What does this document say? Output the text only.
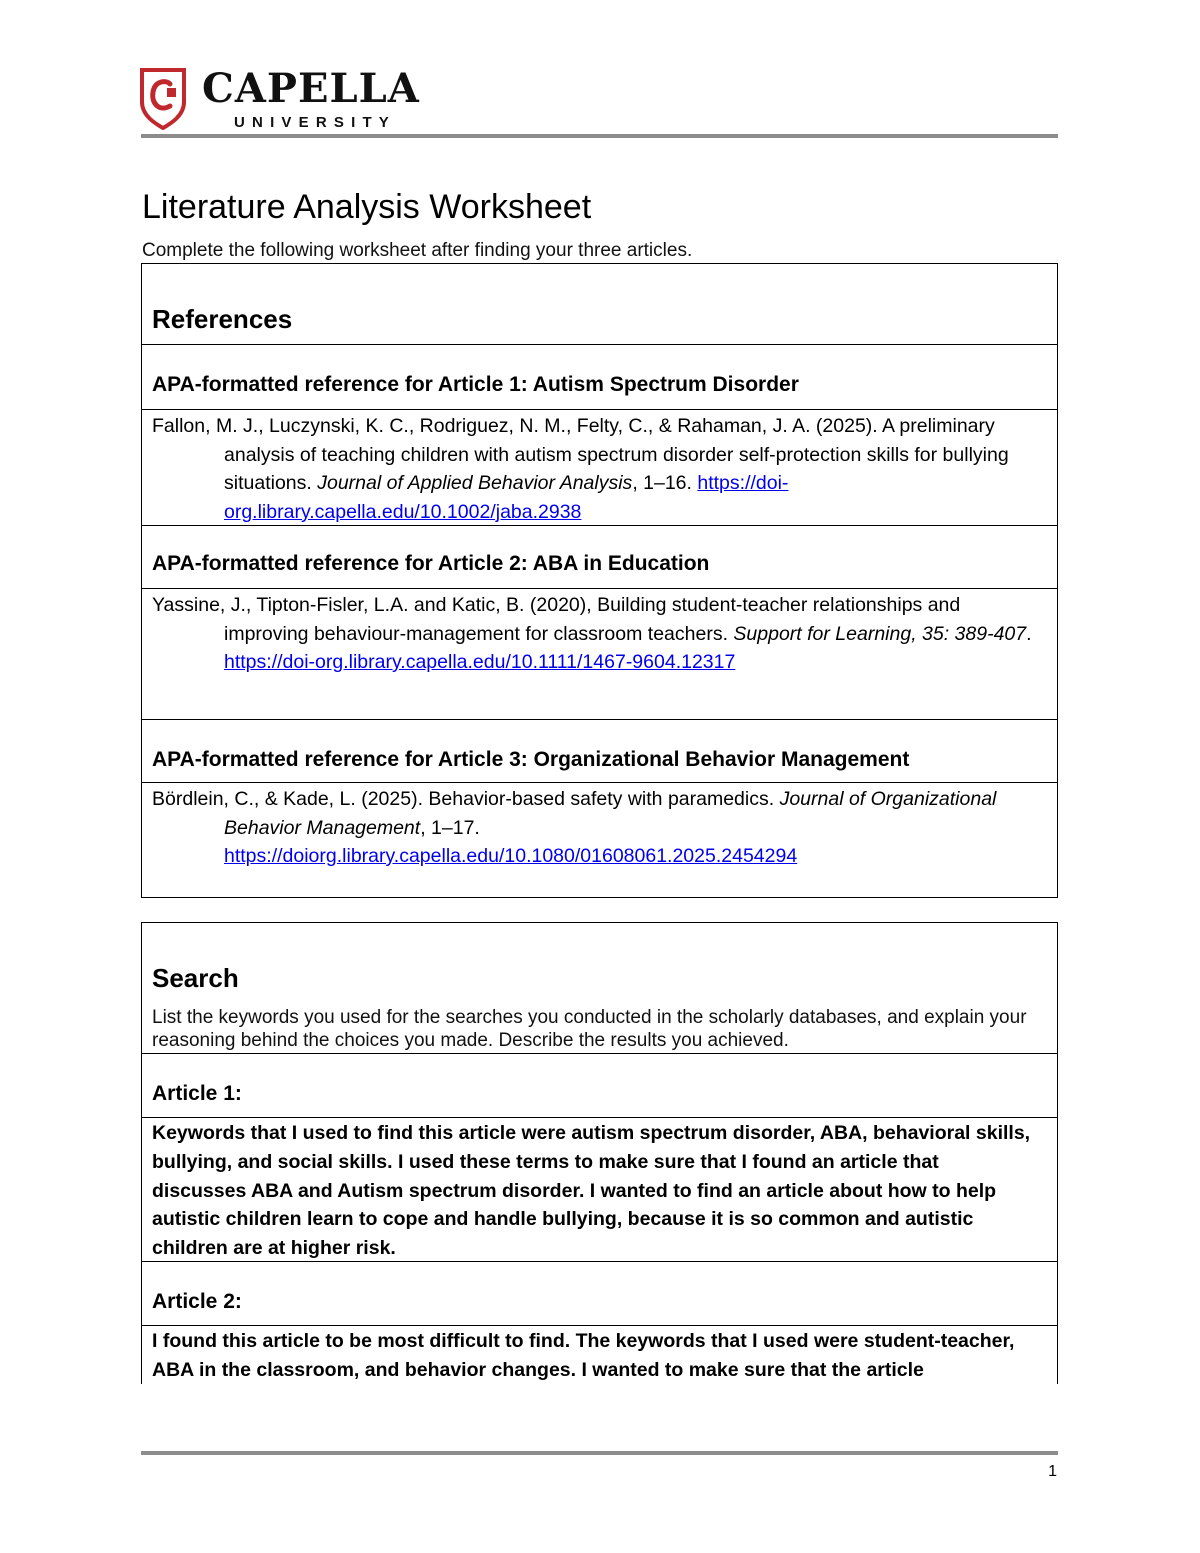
CAPELLA
UNIVERSITY
Literature Analysis Worksheet
Complete the following worksheet after finding your three articles.
References
APA-formatted reference for Article 1: Autism Spectrum Disorder
Fallon, M. J., Luczynski, K. C., Rodriguez, N. M., Felty, C., & Rahaman, J. A. (2025). A preliminary analysis of teaching children with autism spectrum disorder self-protection skills for bullying situations. Journal of Applied Behavior Analysis, 1–16. https://doi-org.library.capella.edu/10.1002/jaba.2938
APA-formatted reference for Article 2: ABA in Education
Yassine, J., Tipton-Fisler, L.A. and Katic, B. (2020), Building student-teacher relationships and improving behaviour-management for classroom teachers. Support for Learning, 35: 389-407. https://doi-org.library.capella.edu/10.1111/1467-9604.12317
APA-formatted reference for Article 3: Organizational Behavior Management
Bördlein, C., & Kade, L. (2025). Behavior-based safety with paramedics. Journal of Organizational Behavior Management, 1–17. https://doiorg.library.capella.edu/10.1080/01608061.2025.2454294
Search
List the keywords you used for the searches you conducted in the scholarly databases, and explain your reasoning behind the choices you made. Describe the results you achieved.
Article 1:
Keywords that I used to find this article were autism spectrum disorder, ABA, behavioral skills, bullying, and social skills. I used these terms to make sure that I found an article that discusses ABA and Autism spectrum disorder. I wanted to find an article about how to help autistic children learn to cope and handle bullying, because it is so common and autistic children are at higher risk.
Article 2:
I found this article to be most difficult to find. The keywords that I used were student-teacher, ABA in the classroom, and behavior changes. I wanted to make sure that the article
1
